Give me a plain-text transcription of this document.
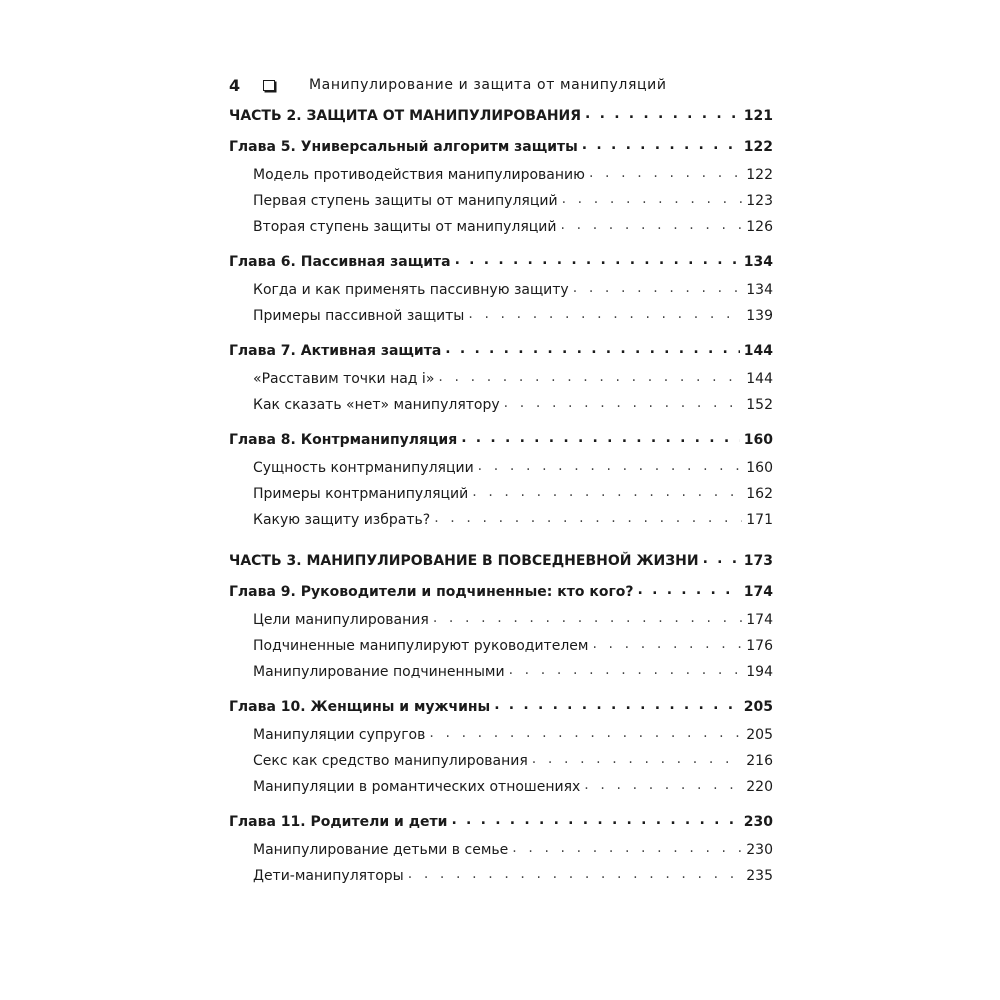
4	Манипулирование и защита от манипуляций
ЧАСТЬ 2. ЗАЩИТА ОТ МАНИПУЛИРОВАНИЯ . . .	121
Глава 5. Универсальный алгоритм защиты . . .	122
Модель противодействия манипулированию . . .	122
Первая ступень защиты от манипуляций . . .	123
Вторая ступень защиты от манипуляций . . .	126
Глава 6. Пассивная защита . . .	134
Когда и как применять пассивную защиту . . .	134
Примеры пассивной защиты . . .	139
Глава 7. Активная защита . . .	144
«Расставим точки над і» . . .	144
Как сказать «нет» манипулятору . . .	152
Глава 8. Контрманипуляция . . .	160
Сущность контрманипуляции . . .	160
Примеры контрманипуляций . . .	162
Какую защиту избрать? . . .	171
ЧАСТЬ 3. МАНИПУЛИРОВАНИЕ В ПОВСЕДНЕВНОЙ ЖИЗНИ . . .	173
Глава 9. Руководители и подчиненные: кто кого? . . .	174
Цели манипулирования . . .	174
Подчиненные манипулируют руководителем . . .	176
Манипулирование подчиненными . . .	194
Глава 10. Женщины и мужчины . . .	205
Манипуляции супругов . . .	205
Секс как средство манипулирования . . .	216
Манипуляции в романтических отношениях . . .	220
Глава 11. Родители и дети . . .	230
Манипулирование детьми в семье . . .	230
Дети-манипуляторы . . .	235
